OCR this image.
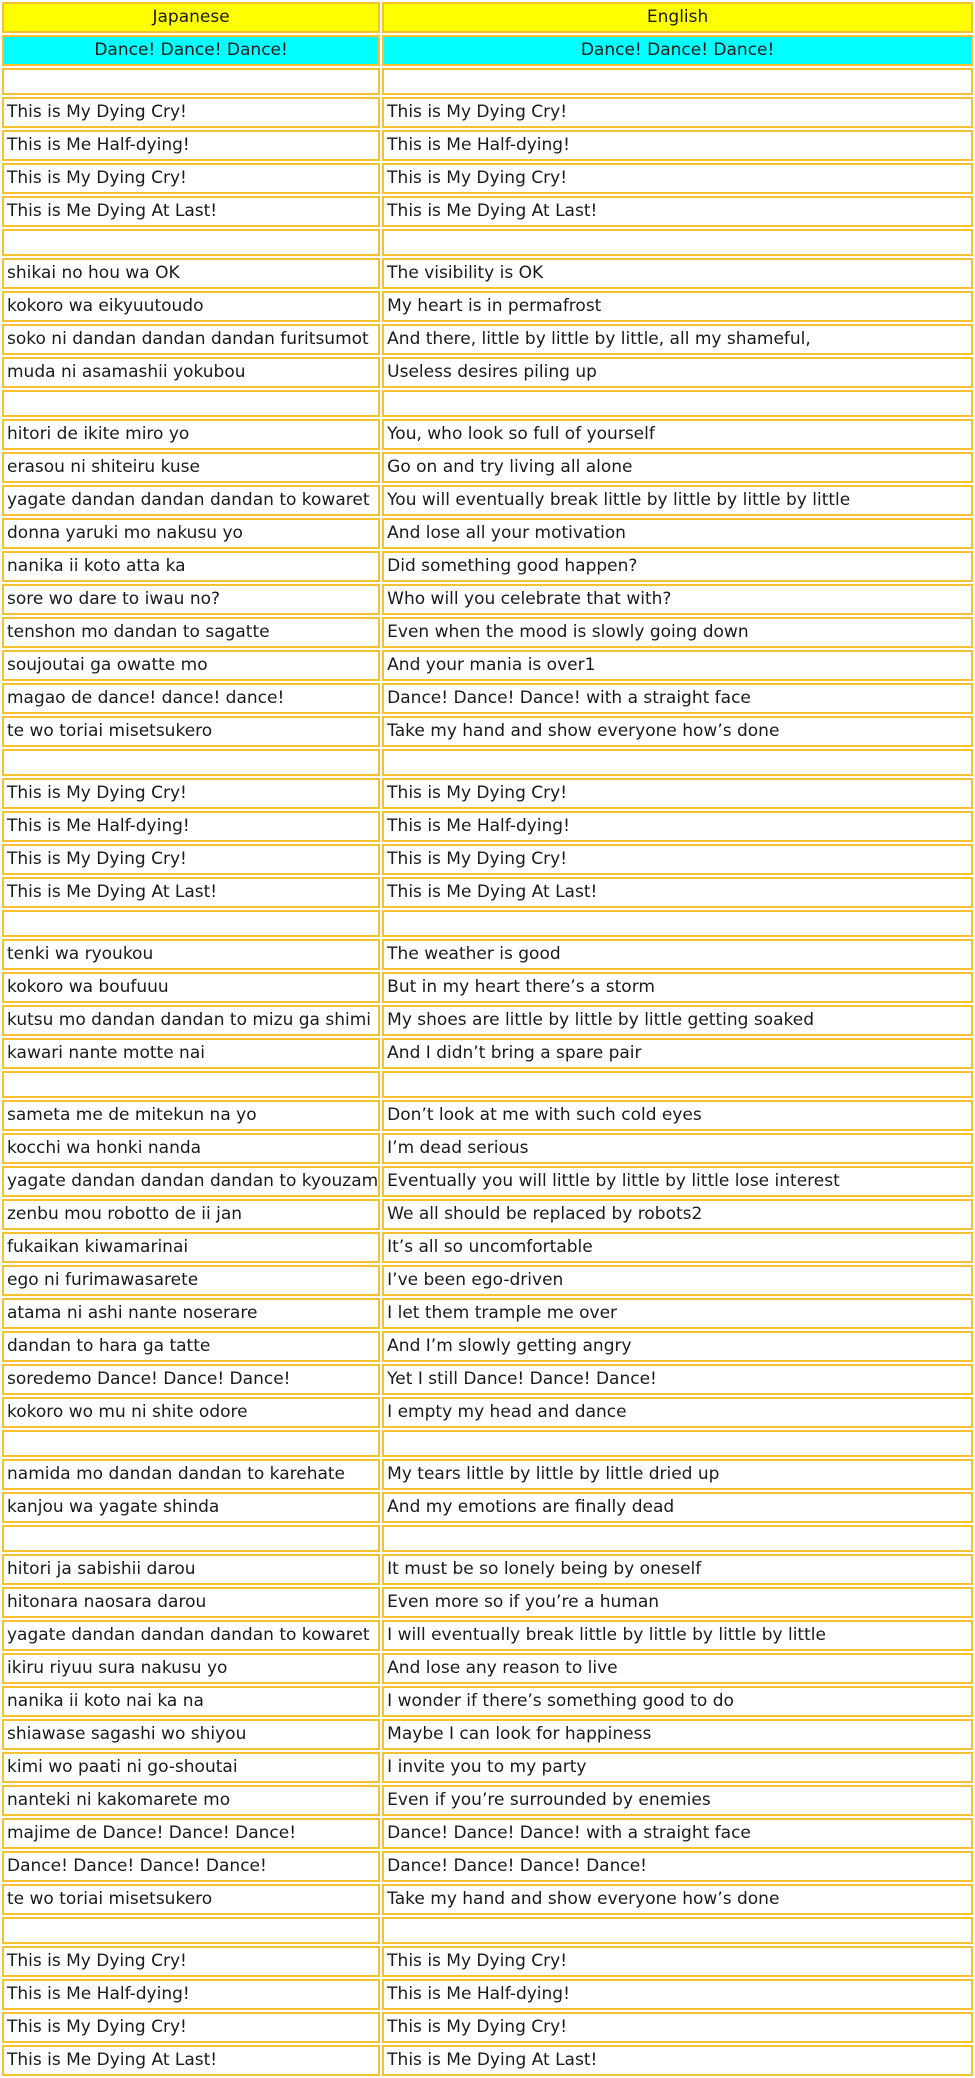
Japanese	English
Dance! Dance! Dance!	Dance! Dance! Dance!

This is My Dying Cry!	This is My Dying Cry!
This is Me Half-dying!	This is Me Half-dying!
This is My Dying Cry!	This is My Dying Cry!
This is Me Dying At Last!	This is Me Dying At Last!

shikai no hou wa OK	The visibility is OK
kokoro wa eikyuutoudo	My heart is in permafrost
soko ni dandan dandan dandan furitsumot	And there, little by little by little, all my shameful,
muda ni asamashii yokubou	Useless desires piling up

hitori de ikite miro yo	You, who look so full of yourself
erasou ni shiteiru kuse	Go on and try living all alone
yagate dandan dandan dandan to kowaret	You will eventually break little by little by little by little
donna yaruki mo nakusu yo	And lose all your motivation
nanika ii koto atta ka	Did something good happen?
sore wo dare to iwau no?	Who will you celebrate that with?
tenshon mo dandan to sagatte	Even when the mood is slowly going down
soujoutai ga owatte mo	And your mania is over1
magao de dance! dance! dance!	Dance! Dance! Dance! with a straight face
te wo toriai misetsukero	Take my hand and show everyone how’s done

This is My Dying Cry!	This is My Dying Cry!
This is Me Half-dying!	This is Me Half-dying!
This is My Dying Cry!	This is My Dying Cry!
This is Me Dying At Last!	This is Me Dying At Last!

tenki wa ryoukou	The weather is good
kokoro wa boufuuu	But in my heart there’s a storm
kutsu mo dandan dandan to mizu ga shimi	My shoes are little by little by little getting soaked
kawari nante motte nai	And I didn’t bring a spare pair

sameta me de mitekun na yo	Don’t look at me with such cold eyes
kocchi wa honki nanda	I’m dead serious
yagate dandan dandan dandan to kyouzam	Eventually you will little by little by little lose interest
zenbu mou robotto de ii jan	We all should be replaced by robots2
fukaikan kiwamarinai	It’s all so uncomfortable
ego ni furimawasarete	I’ve been ego-driven
atama ni ashi nante noserare	I let them trample me over
dandan to hara ga tatte	And I’m slowly getting angry
soredemo Dance! Dance! Dance!	Yet I still Dance! Dance! Dance!
kokoro wo mu ni shite odore	I empty my head and dance

namida mo dandan dandan to karehate	My tears little by little by little dried up
kanjou wa yagate shinda	And my emotions are finally dead

hitori ja sabishii darou	It must be so lonely being by oneself
hitonara naosara darou	Even more so if you’re a human
yagate dandan dandan dandan to kowaret	I will eventually break little by little by little by little
ikiru riyuu sura nakusu yo	And lose any reason to live
nanika ii koto nai ka na	I wonder if there’s something good to do
shiawase sagashi wo shiyou	Maybe I can look for happiness
kimi wo paati ni go-shoutai	I invite you to my party
nanteki ni kakomarete mo	Even if you’re surrounded by enemies
majime de Dance! Dance! Dance!	Dance! Dance! Dance! with a straight face
Dance! Dance! Dance! Dance!	Dance! Dance! Dance! Dance!
te wo toriai misetsukero	Take my hand and show everyone how’s done

This is My Dying Cry!	This is My Dying Cry!
This is Me Half-dying!	This is Me Half-dying!
This is My Dying Cry!	This is My Dying Cry!
This is Me Dying At Last!	This is Me Dying At Last!
